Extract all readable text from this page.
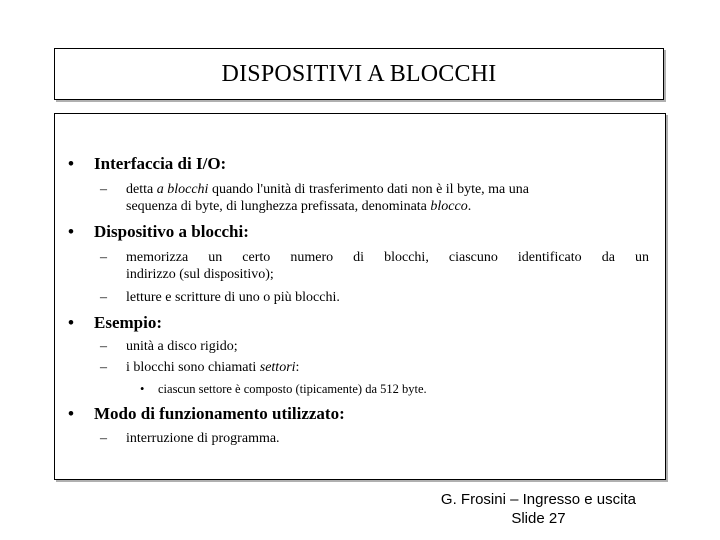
DISPOSITIVI A BLOCCHI
• Interfaccia di I/O:
– detta a blocchi quando l'unità di trasferimento dati non è il byte, ma una
sequenza di byte, di lunghezza prefissata, denominata blocco.
• Dispositivo a blocchi:
– memorizza un certo numero di blocchi, ciascuno identificato da un
indirizzo (sul dispositivo);
– letture e scritture di uno o più blocchi.
• Esempio:
– unità a disco rigido;
– i blocchi sono chiamati settori:
• ciascun settore è composto (tipicamente) da 512 byte.
• Modo di funzionamento utilizzato:
– interruzione di programma.
G. Frosini – Ingresso e uscita
Slide 27
